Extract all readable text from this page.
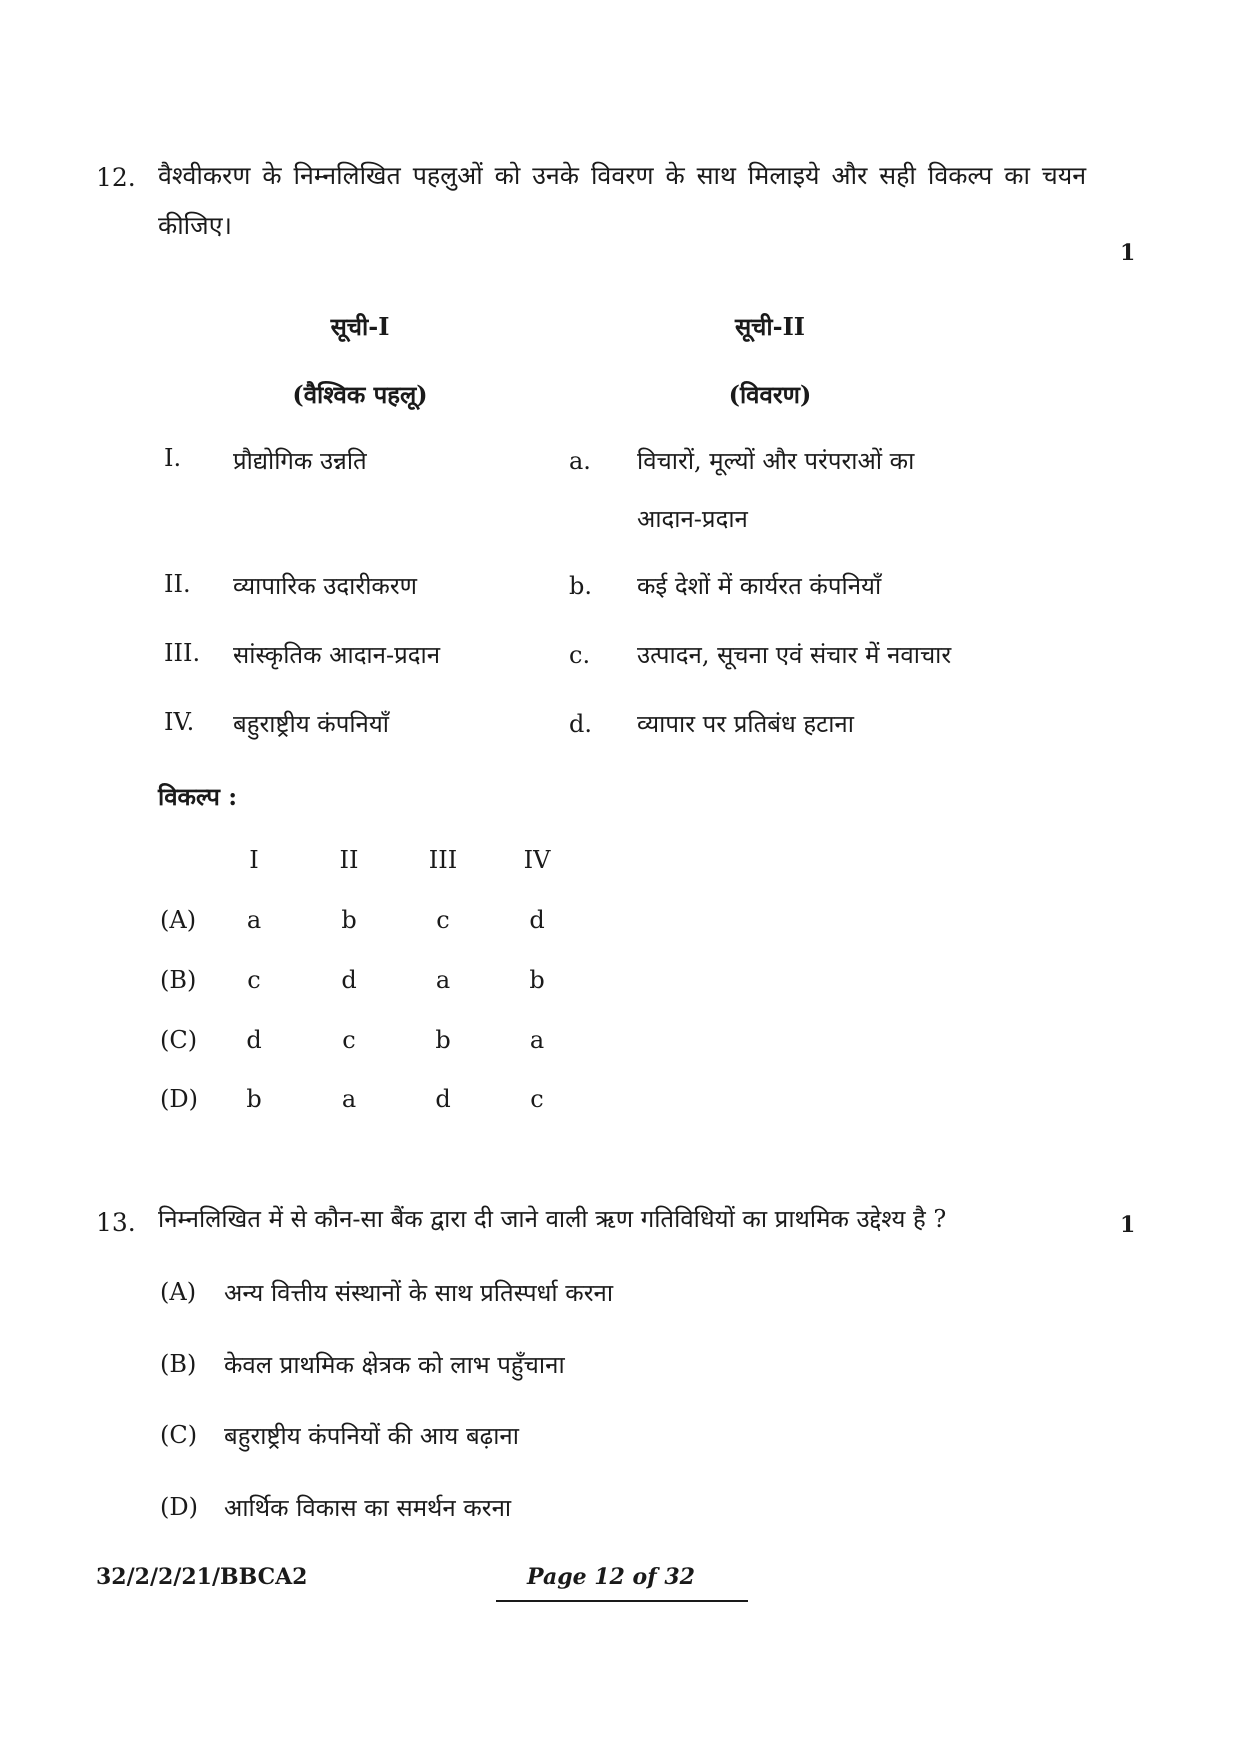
12. वैश्वीकरण के निम्नलिखित पहलुओं को उनके विवरण के साथ मिलाइये और सही विकल्प का चयन
कीजिए।
1
सूची-I
(वैश्विक पहलू)
सूची-II
(विवरण)
I. प्रौद्योगिक उन्नति	a. विचारों, मूल्यों और परंपराओं का
आदान-प्रदान
II. व्यापारिक उदारीकरण	b. कई देशों में कार्यरत कंपनियाँ
III. सांस्कृतिक आदान-प्रदान	c. उत्पादन, सूचना एवं संचार में नवाचार
IV. बहुराष्ट्रीय कंपनियाँ	d. व्यापार पर प्रतिबंध हटाना
विकल्प :
I	II	III	IV
(A)	a	b	c	d
(B)	c	d	a	b
(C)	d	c	b	a
(D)	b	a	d	c
13. निम्नलिखित में से कौन-सा बैंक द्वारा दी जाने वाली ऋण गतिविधियों का प्राथमिक उद्देश्य है ?	1
(A) अन्य वित्तीय संस्थानों के साथ प्रतिस्पर्धा करना
(B) केवल प्राथमिक क्षेत्रक को लाभ पहुँचाना
(C) बहुराष्ट्रीय कंपनियों की आय बढ़ाना
(D) आर्थिक विकास का समर्थन करना
32/2/2/21/BBCA2	Page 12 of 32
